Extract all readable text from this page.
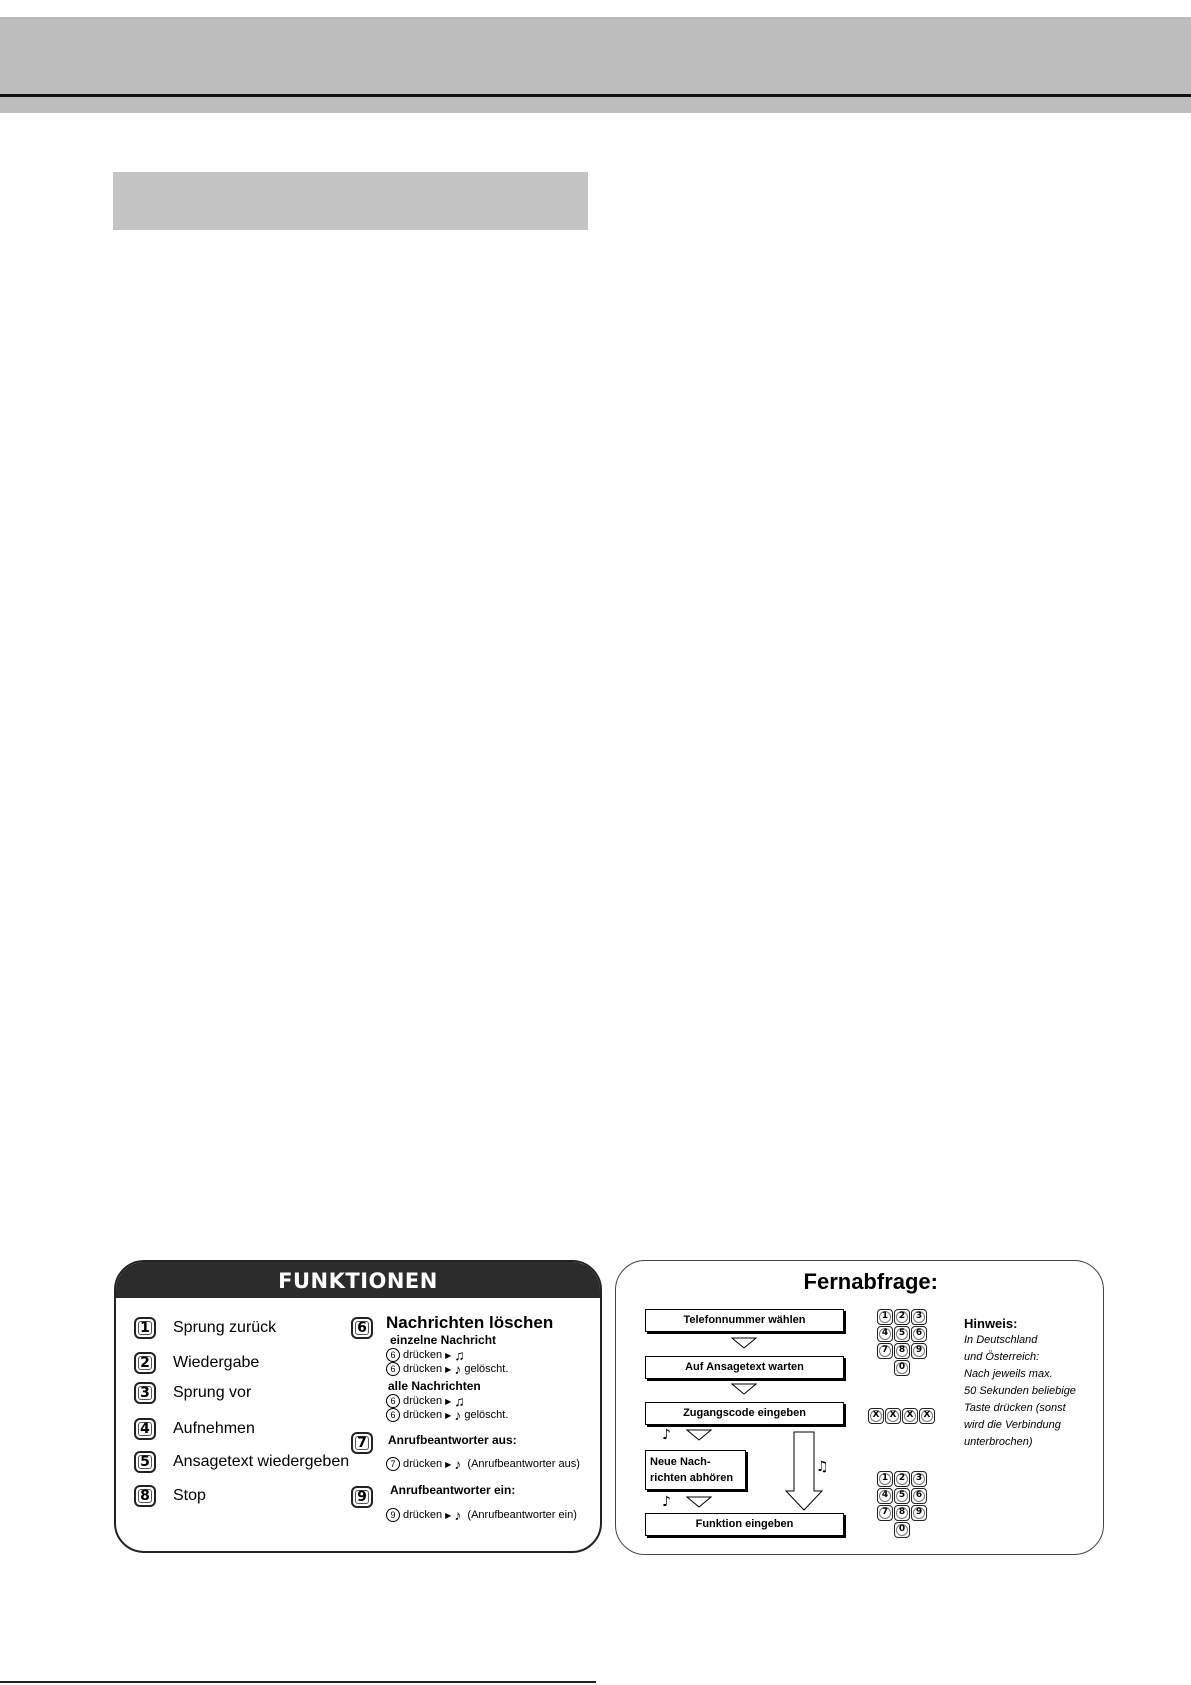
FUNKTIONEN
1	Sprung zurück
2	Wiedergabe
3	Sprung vor
4	Aufnehmen
5	Ansagetext wiedergeben
8	Stop
6	Nachrichten löschen
einzelne Nachricht
6 drücken ▶ ♫
6 drücken ▶ ♪ gelöscht.
alle Nachrichten
6 drücken ▶ ♫
6 drücken ▶ ♪ gelöscht.
7	Anrufbeantworter aus:
7 drücken ▶ ♪ (Anrufbeantworter aus)
9	Anrufbeantworter ein:
9 drücken ▶ ♪ (Anrufbeantworter ein)
Fernabfrage:
Telefonnummer wählen
Auf Ansagetext warten
Zugangscode eingeben
♪
Neue Nach-
richten abhören
♪
Funktion eingeben
♫
1	2	3
4	5	6
7	8	9
0
X	X	X	X
1	2	3
4	5	6
7	8	9
0
Hinweis:
In Deutschland
und Österreich:
Nach jeweils max.
50 Sekunden beliebige
Taste drücken (sonst
wird die Verbindung
unterbrochen)
